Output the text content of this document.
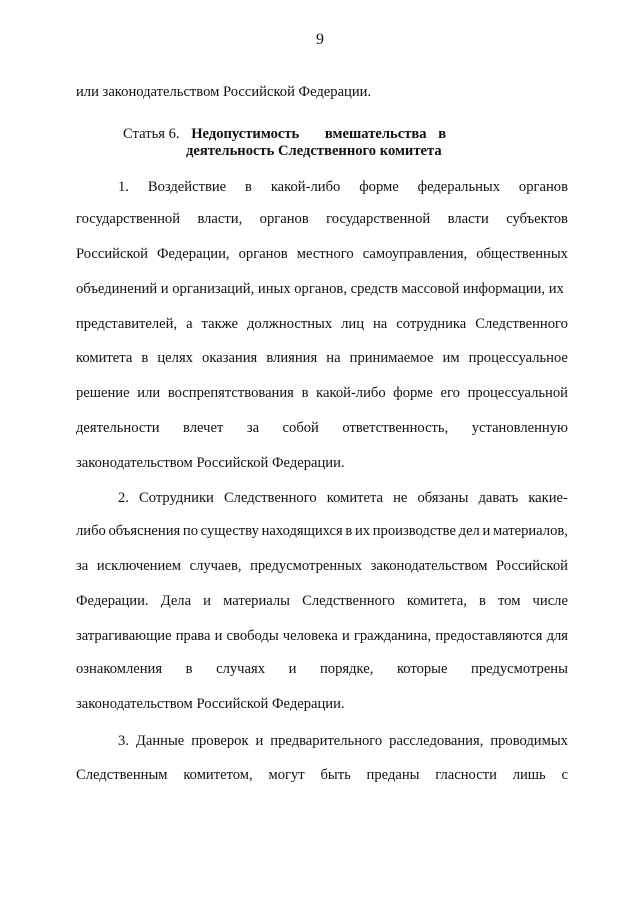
9
или законодательством Российской Федерации.
Статья 6. Недопустимость вмешательства в
деятельность Следственного комитета
1. Воздействие в какой-либо форме федеральных органов
государственной власти, органов государственной власти субъектов
Российской Федерации, органов местного самоуправления, общественных
объединений и организаций, иных органов, средств массовой информации, их
представителей, а также должностных лиц на сотрудника Следственного
комитета в целях оказания влияния на принимаемое им процессуальное
решение или воспрепятствования в какой-либо форме его процессуальной
деятельности влечет за собой ответственность, установленную
законодательством Российской Федерации.
2. Сотрудники Следственного комитета не обязаны давать какие-
либо объяснения по существу находящихся в их производстве дел и материалов,
за исключением случаев, предусмотренных законодательством Российской
Федерации. Дела и материалы Следственного комитета, в том числе
затрагивающие права и свободы человека и гражданина, предоставляются для
ознакомления в случаях и порядке, которые предусмотрены
законодательством Российской Федерации.
3. Данные проверок и предварительного расследования, проводимых
Следственным комитетом, могут быть преданы гласности лишь с
